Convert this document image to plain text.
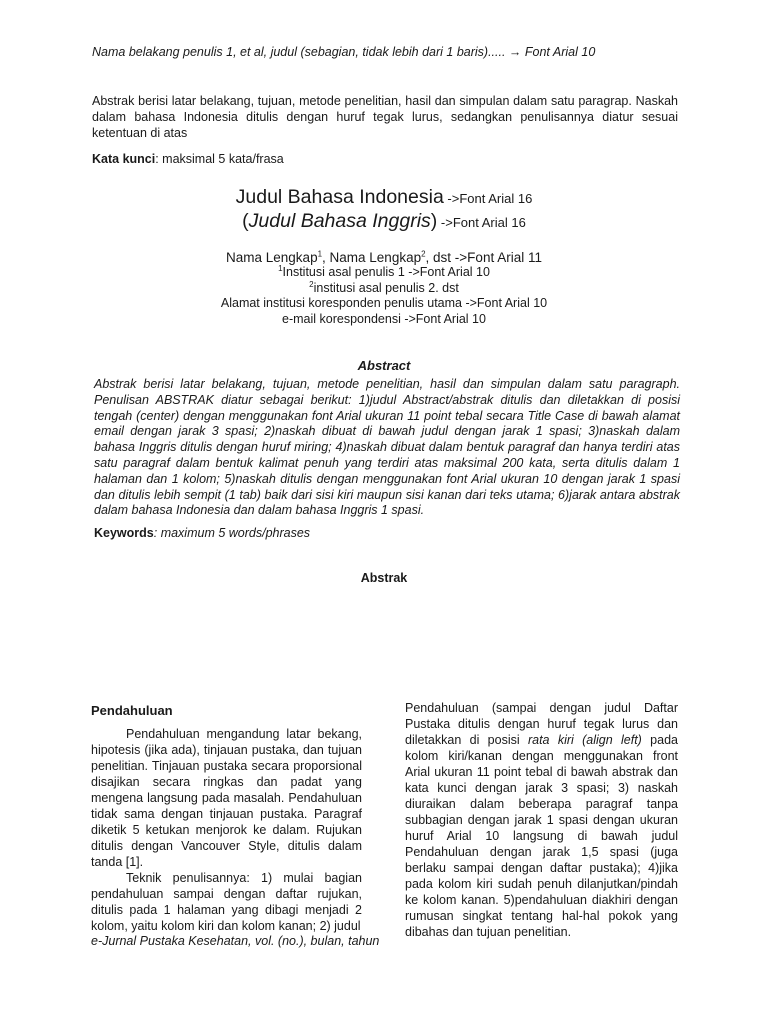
Nama belakang penulis 1, et al, judul (sebagian, tidak lebih dari 1 baris)..... → Font Arial 10
Abstrak berisi latar belakang, tujuan, metode penelitian, hasil dan simpulan dalam satu paragrap. Naskah dalam bahasa Indonesia ditulis dengan huruf tegak lurus, sedangkan penulisannya diatur sesuai ketentuan di atas
Kata kunci: maksimal 5 kata/frasa
Judul Bahasa Indonesia ->Font Arial 16
(Judul Bahasa Inggris) ->Font Arial 16
Nama Lengkap$^1$, Nama Lengkap$^2$, dst ->Font Arial 11
$^1$Institusi asal penulis 1 ->Font Arial 10
$^2$institusi asal penulis 2. dst
Alamat institusi koresponden penulis utama ->Font Arial 10
e-mail korespondensi ->Font Arial 10
Abstract
Abstrak berisi latar belakang, tujuan, metode penelitian, hasil dan simpulan dalam satu paragraph. Penulisan ABSTRAK diatur sebagai berikut: 1)judul Abstract/abstrak ditulis dan diletakkan di posisi tengah (center) dengan menggunakan font Arial ukuran 11 point tebal secara Title Case di bawah alamat email dengan jarak 3 spasi; 2)naskah dibuat di bawah judul dengan jarak 1 spasi; 3)naskah dalam bahasa Inggris ditulis dengan huruf miring; 4)naskah dibuat dalam bentuk paragraf dan hanya terdiri atas satu paragraf dalam bentuk kalimat penuh yang terdiri atas maksimal 200 kata, serta ditulis dalam 1 halaman dan 1 kolom; 5)naskah ditulis dengan menggunakan font Arial ukuran 10 dengan jarak 1 spasi dan ditulis lebih sempit (1 tab) baik dari sisi kiri maupun sisi kanan dari teks utama; 6)jarak antara abstrak dalam bahasa Indonesia dan dalam bahasa Inggris 1 spasi.
Keywords: maximum 5 words/phrases
Abstrak
Pendahuluan

Pendahuluan mengandung latar bekang, hipotesis (jika ada), tinjauan pustaka, dan tujuan penelitian. Tinjauan pustaka secara proporsional disajikan secara ringkas dan padat yang mengena langsung pada masalah. Pendahuluan tidak sama dengan tinjauan pustaka. Paragraf diketik 5 ketukan menjorok ke dalam. Rujukan ditulis dengan Vancouver Style, ditulis dalam tanda [1].

Teknik penulisannya: 1) mulai bagian pendahuluan sampai dengan daftar rujukan, ditulis pada 1 halaman yang dibagi menjadi 2 kolom, yaitu kolom kiri dan kolom kanan; 2) judul

Pendahuluan (sampai dengan judul Daftar Pustaka ditulis dengan huruf tegak lurus dan diletakkan di posisi rata kiri (align left) pada kolom kiri/kanan dengan menggunakan front Arial ukuran 11 point tebal di bawah abstrak dan kata kunci dengan jarak 3 spasi; 3) naskah diuraikan dalam beberapa paragraf tanpa subbagian dengan jarak 1 spasi dengan ukuran huruf Arial 10 langsung di bawah judul Pendahuluan dengan jarak 1,5 spasi (juga berlaku sampai dengan daftar pustaka); 4)jika pada kolom kiri sudah penuh dilanjutkan/pindah ke kolom kanan. 5)pendahuluan diakhiri dengan rumusan singkat tentang hal-hal pokok yang dibahas dan tujuan penelitian.
e-Jurnal Pustaka Kesehatan, vol. (no.), bulan, tahun
